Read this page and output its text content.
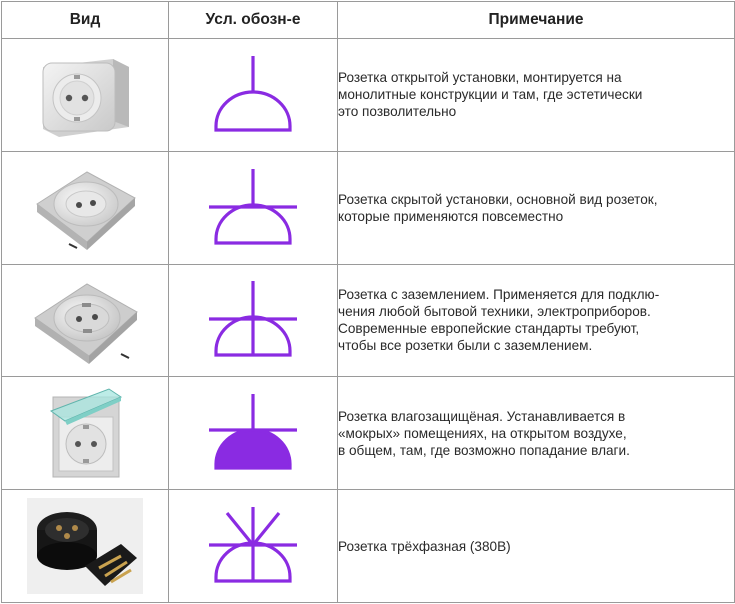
Вид	Усл. обозн-е	Примечание

Розетка открытой установки, монтируется на
монолитные конструкции и там, где эстетически
это позволительно

Розетка скрытой установки, основной вид розеток,
которые применяются повсеместно

Розетка с заземлением. Применяется для подклю-
чения любой бытовой техники, электроприборов.
Современные европейские стандарты требуют,
чтобы все розетки были с заземлением.

Розетка влагозащищёная. Устанавливается в
«мокрых» помещениях, на открытом воздухе,
в общем, там, где возможно попадание влаги.

Розетка трёхфазная (380В)
